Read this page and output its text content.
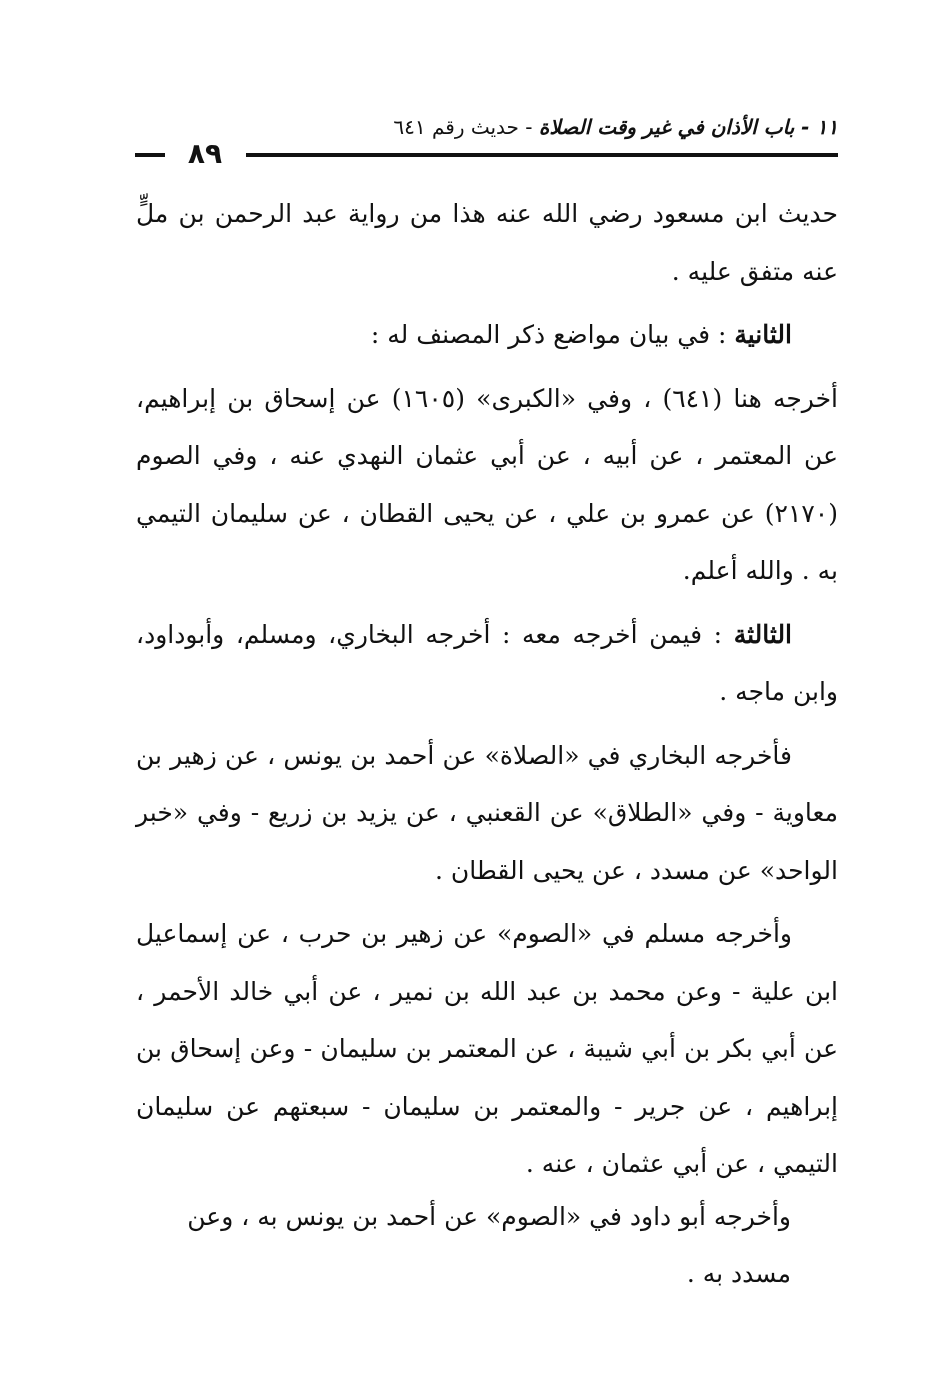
١١ - باب الأذان في غير وقت الصلاة - حديث رقم ٦٤١
٨٩

حديث ابن مسعود رضي الله عنه هذا من رواية عبد الرحمن بن ملٍّ عنه متفق عليه .

الثانية : في بيان مواضع ذكر المصنف له :

أخرجه هنا (٦٤١) ، وفي «الكبرى» (١٦٠٥) عن إسحاق بن إبراهيم، عن المعتمر ، عن أبيه ، عن أبي عثمان النهدي عنه ، وفي الصوم (٢١٧٠) عن عمرو بن علي ، عن يحيى القطان ، عن سليمان التيمي به . والله أعلم.

الثالثة : فيمن أخرجه معه : أخرجه البخاري، ومسلم، وأبوداود، وابن ماجه .

فأخرجه البخاري في «الصلاة» عن أحمد بن يونس ، عن زهير بن معاوية - وفي «الطلاق» عن القعنبي ، عن يزيد بن زريع - وفي «خبر الواحد» عن مسدد ، عن يحيى القطان .

وأخرجه مسلم في «الصوم» عن زهير بن حرب ، عن إسماعيل ابن علية - وعن محمد بن عبد الله بن نمير ، عن أبي خالد الأحمر ، عن أبي بكر بن أبي شيبة ، عن المعتمر بن سليمان - وعن إسحاق بن إبراهيم ، عن جرير - والمعتمر بن سليمان - سبعتهم عن سليمان التيمي ، عن أبي عثمان ، عنه .

وأخرجه أبو داود في «الصوم» عن أحمد بن يونس به ، وعن مسدد به .
